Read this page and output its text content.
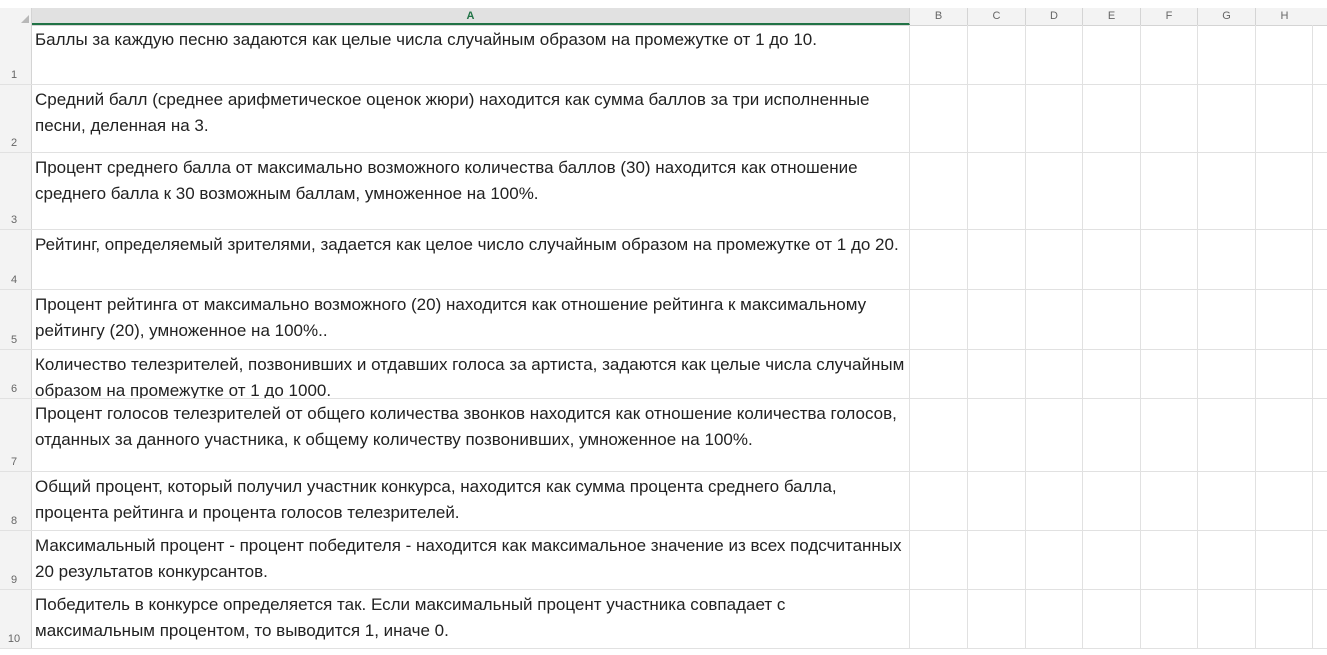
A	B	C	D	E	F	G	H
1
Баллы за каждую песню задаются как целые числа случайным образом на промежутке от 1 до 10.
2
Средний балл (среднее арифметическое оценок жюри) находится как сумма баллов за три исполненные песни, деленная на 3.
3
Процент среднего балла от максимально возможного количества баллов (30) находится как отношение среднего балла к 30 возможным баллам, умноженное на 100%.
4
Рейтинг, определяемый зрителями, задается как целое число случайным образом на промежутке от 1 до 20.
5
Процент рейтинга от максимально возможного (20) находится как отношение рейтинга к максимальному рейтингу (20), умноженное на 100%..
6
Количество телезрителей, позвонивших и отдавших голоса за артиста, задаются как целые числа случайным образом на промежутке от 1 до 1000.
7
Процент голосов телезрителей от общего количества звонков находится как отношение количества голосов, отданных за данного участника, к общему количеству позвонивших, умноженное на 100%.
8
Общий процент, который получил участник конкурса, находится как сумма процента среднего балла, процента рейтинга и процента голосов телезрителей.
9
Максимальный процент - процент победителя - находится как максимальное значение из всех подсчитанных 20 результатов конкурсантов.
10
Победитель в конкурсе определяется так. Если максимальный процент участника совпадает с максимальным процентом, то выводится 1, иначе 0.
